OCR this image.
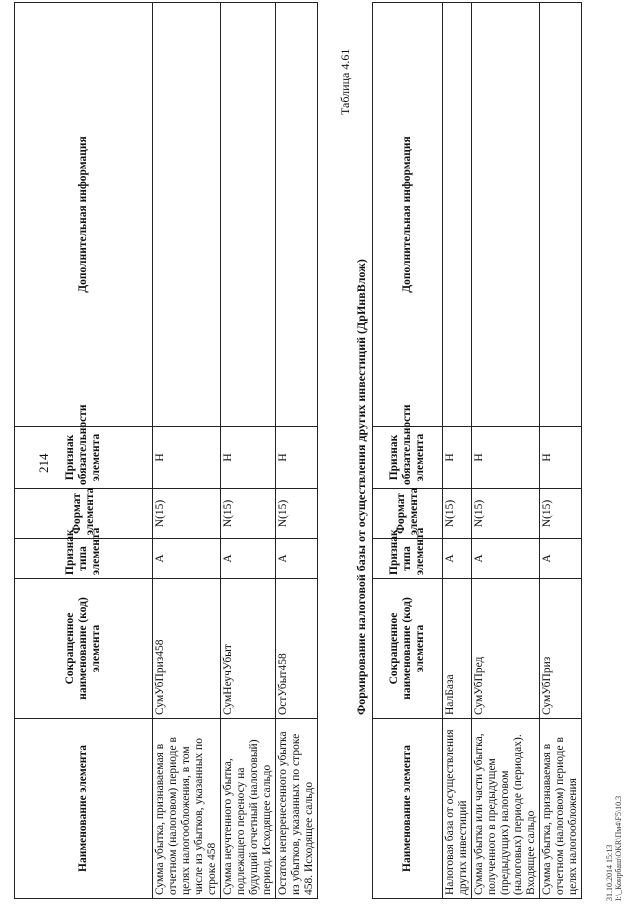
214
Наименование элемента	Сокращенное наименование (код) элемента	Признак типа элемента	Формат элемента	Признак обязательности элемента	Дополнительная информация
Сумма убытка, признаваемая в отчетном (налоговом) периоде в целях налогообложения, в том числе из убытков, указанных по строке 458	СумУбПриз458	А	N(15)	Н	
Сумма неучтенного убытка, подлежащего переносу на будущий отчетный (налоговый) период. Исходящее сальдо	СумНеучУбыт	А	N(15)	Н	
Остаток неперенесенного убытка из убытков, указанных по строке 458. Исходящее сальдо	ОстУбыт458	А	N(15)	Н	
Таблица 4.61
Формирование налоговой базы от осуществления других инвестиций (ДрИнвВлож)
Наименование элемента	Сокращенное наименование (код) элемента	Признак типа элемента	Формат элемента	Признак обязательности элемента	Дополнительная информация
Налоговая база от осуществления других инвестиций	НалБаза	А	N(15)	Н	
Сумма убытка или части убытка, полученного в предыдущем (предыдущих) налоговом (налоговых) периоде (периодах). Входящее сальдо	СумУбПред	А	N(15)	Н	
Сумма убытка, признаваемая в отчетном (налоговом) периоде в целях налогообложения	СумУбПриз	А	N(15)	Н	
31.10.2014 15:13 I:\_Конрбаш\OKR\Пм4\F5\10.3
